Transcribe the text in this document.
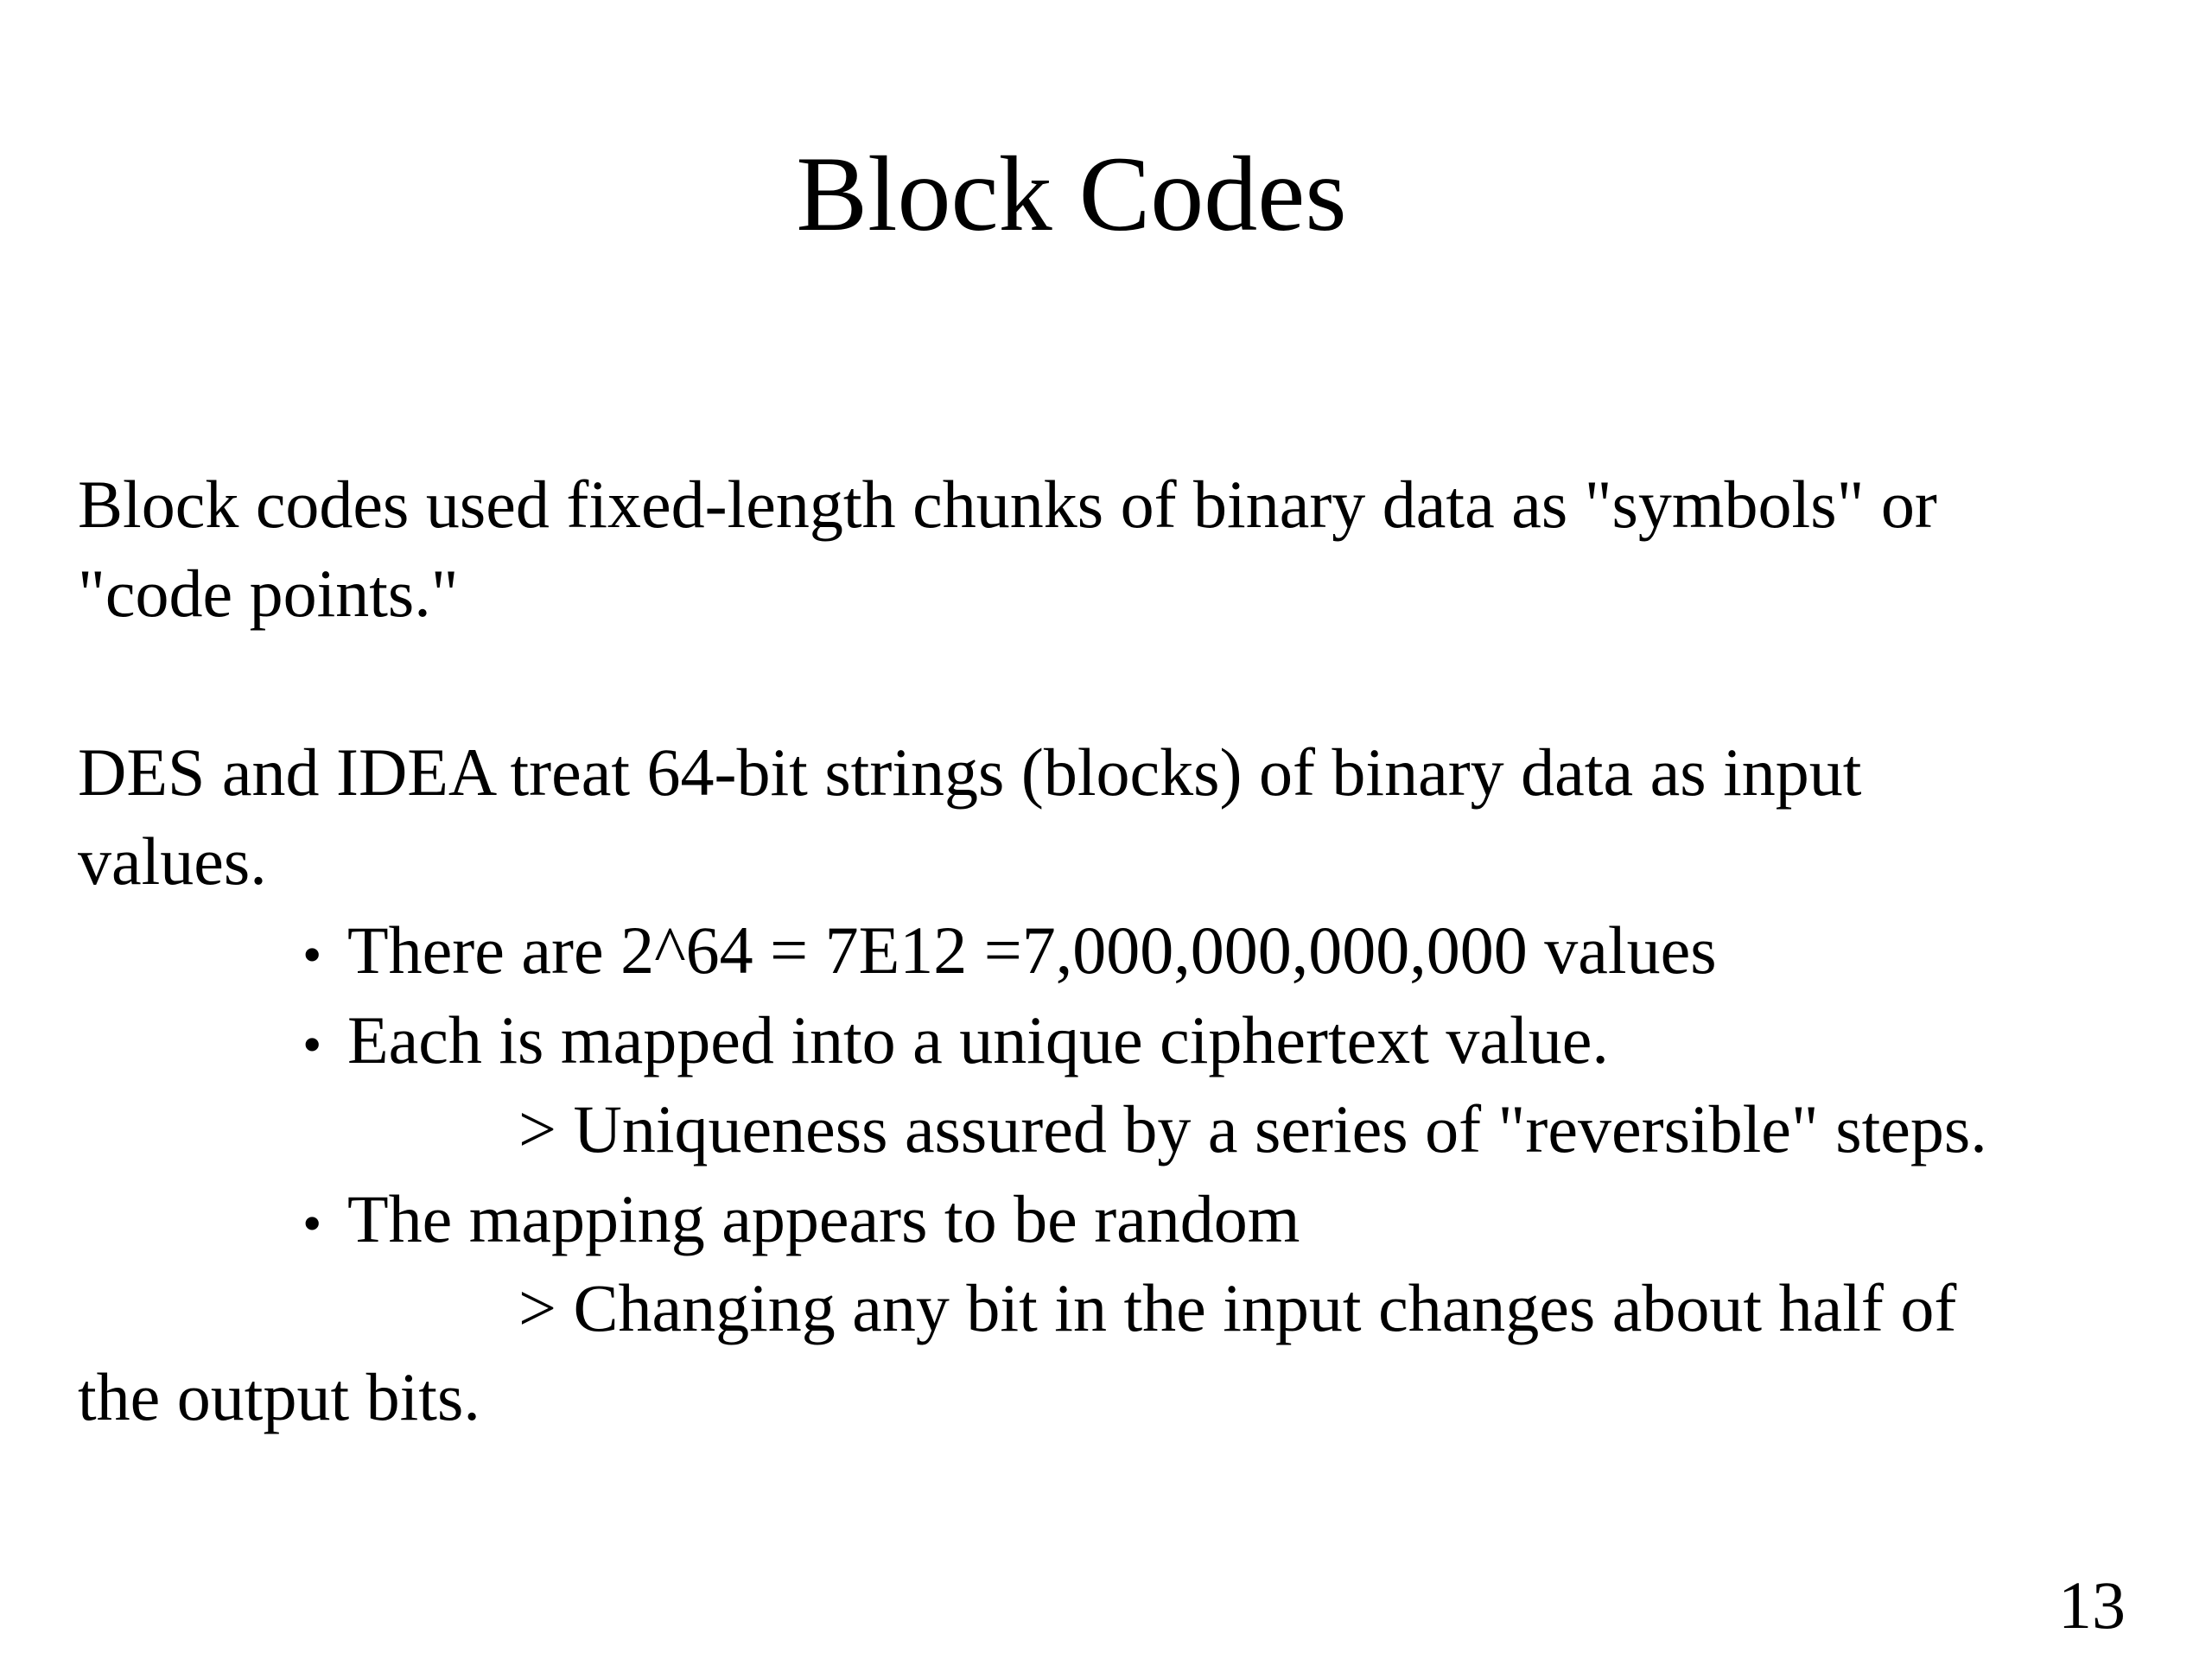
Block Codes
Block codes used fixed-length chunks of binary data as "symbols" or
"code points."
DES and IDEA treat 64-bit strings (blocks) of binary data as input
values.
• There are 2^64 = 7E12 =7,000,000,000,000 values
• Each is mapped into a unique ciphertext value.
> Uniqueness assured by a series of "reversible" steps.
• The mapping appears to be random
> Changing any bit in the input changes about half of
the output bits.
13
